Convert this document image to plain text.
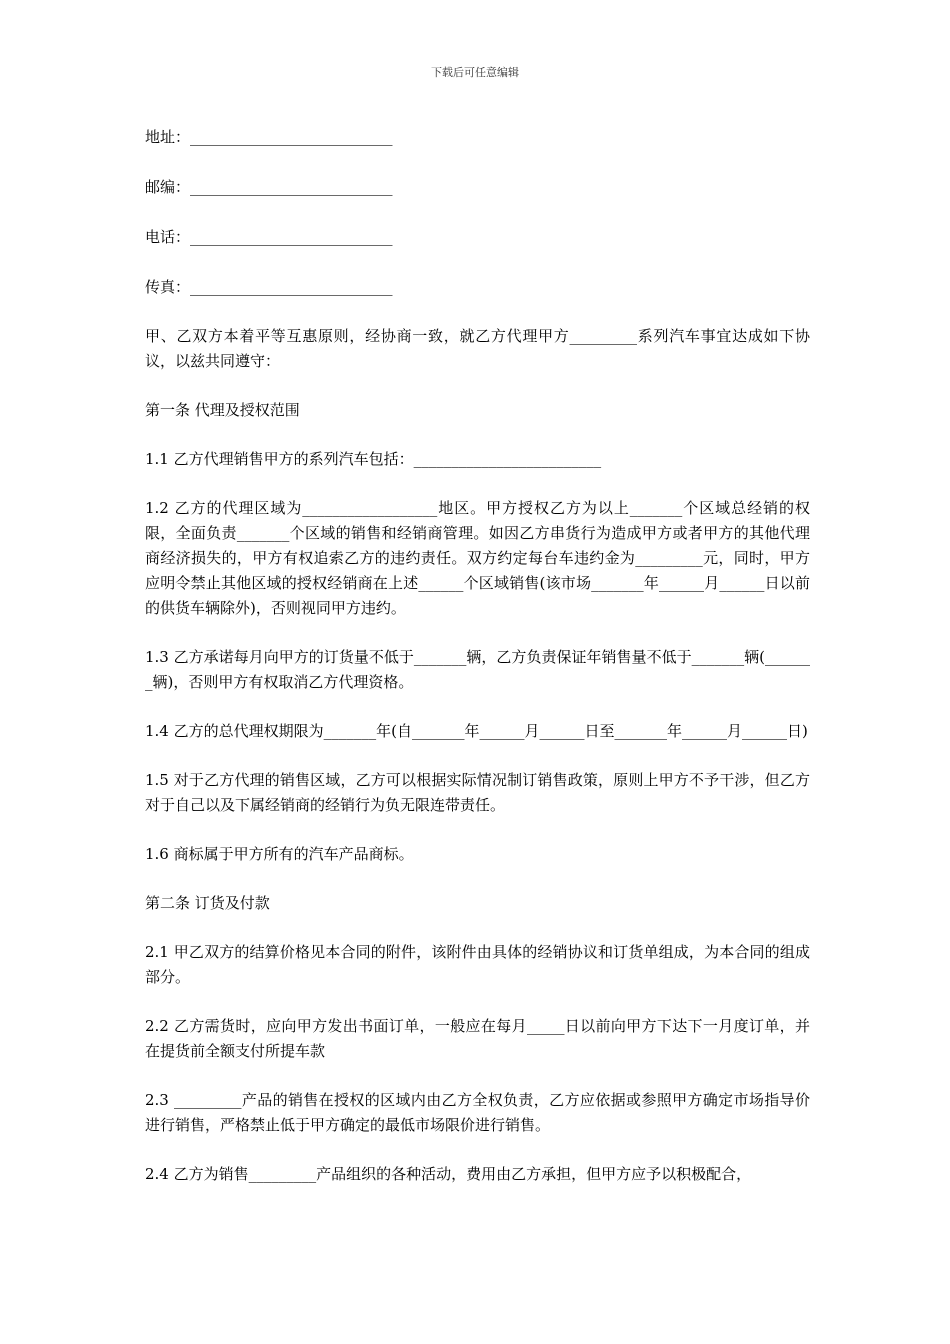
下载后可任意编辑
地址：___________________________
邮编：___________________________
电话：___________________________
传真：___________________________

甲、乙双方本着平等互惠原则，经协商一致，就乙方代理甲方_________系列汽车事宜达成如下协议，以兹共同遵守：

第一条 代理及授权范围

1.1 乙方代理销售甲方的系列汽车包括：_________________________

1.2 乙方的代理区域为__________________地区。甲方授权乙方为以上_______个区域总经销的权限，全面负责_______个区域的销售和经销商管理。如因乙方串货行为造成甲方或者甲方的其他代理商经济损失的，甲方有权追索乙方的违约责任。双方约定每台车违约金为_________元，同时，甲方应明令禁止其他区域的授权经销商在上述______个区域销售(该市场_______年______月______日以前的供货车辆除外)，否则视同甲方违约。

1.3 乙方承诺每月向甲方的订货量不低于_______辆，乙方负责保证年销售量不低于_______辆(_______辆)，否则甲方有权取消乙方代理资格。

1.4 乙方的总代理权期限为_______年(自_______年______月______日至_______年______月______日)

1.5 对于乙方代理的销售区域，乙方可以根据实际情况制订销售政策，原则上甲方不予干涉，但乙方对于自己以及下属经销商的经销行为负无限连带责任。

1.6 商标属于甲方所有的汽车产品商标。

第二条 订货及付款

2.1 甲乙双方的结算价格见本合同的附件，该附件由具体的经销协议和订货单组成，为本合同的组成部分。

2.2 乙方需货时，应向甲方发出书面订单，一般应在每月_____日以前向甲方下达下一月度订单，并在提货前全额支付所提车款

2.3 _________产品的销售在授权的区域内由乙方全权负责，乙方应依据或参照甲方确定市场指导价进行销售，严格禁止低于甲方确定的最低市场限价进行销售。

2.4 乙方为销售_________产品组织的各种活动，费用由乙方承担，但甲方应予以积极配合，
